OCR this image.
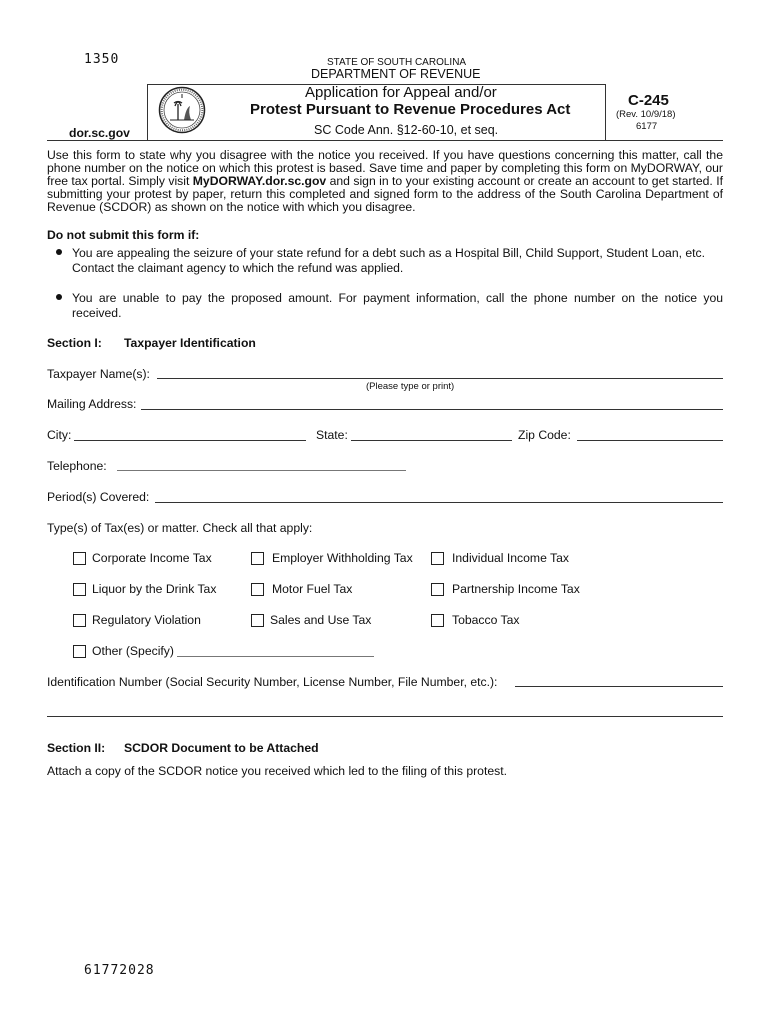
1350	STATE OF SOUTH CAROLINA
DEPARTMENT OF REVENUE
Application for Appeal and/or
Protest Pursuant to Revenue Procedures Act
SC Code Ann. §12-60-10, et seq.
dor.sc.gov
C-245
(Rev. 10/9/18)
6177
Use this form to state why you disagree with the notice you received. If you have questions concerning this matter, call the phone number on the notice on which this protest is based. Save time and paper by completing this form on MyDORWAY, our free tax portal. Simply visit MyDORWAY.dor.sc.gov and sign in to your existing account or create an account to get started. If submitting your protest by paper, return this completed and signed form to the address of the South Carolina Department of Revenue (SCDOR) as shown on the notice with which you disagree.
Do not submit this form if:
You are appealing the seizure of your state refund for a debt such as a Hospital Bill, Child Support, Student Loan, etc. Contact the claimant agency to which the refund was applied.
You are unable to pay the proposed amount. For payment information, call the phone number on the notice you received.
Section I: Taxpayer Identification
Taxpayer Name(s):
(Please type or print)
Mailing Address:
City:	State:	Zip Code:
Telephone:
Period(s) Covered:
Type(s) of Tax(es) or matter. Check all that apply:
Corporate Income Tax	Employer Withholding Tax	Individual Income Tax
Liquor by the Drink Tax	Motor Fuel Tax	Partnership Income Tax
Regulatory Violation	Sales and Use Tax	Tobacco Tax
Other (Specify)
Identification Number (Social Security Number, License Number, File Number, etc.):
Section II: SCDOR Document to be Attached
Attach a copy of the SCDOR notice you received which led to the filing of this protest.
61772028
